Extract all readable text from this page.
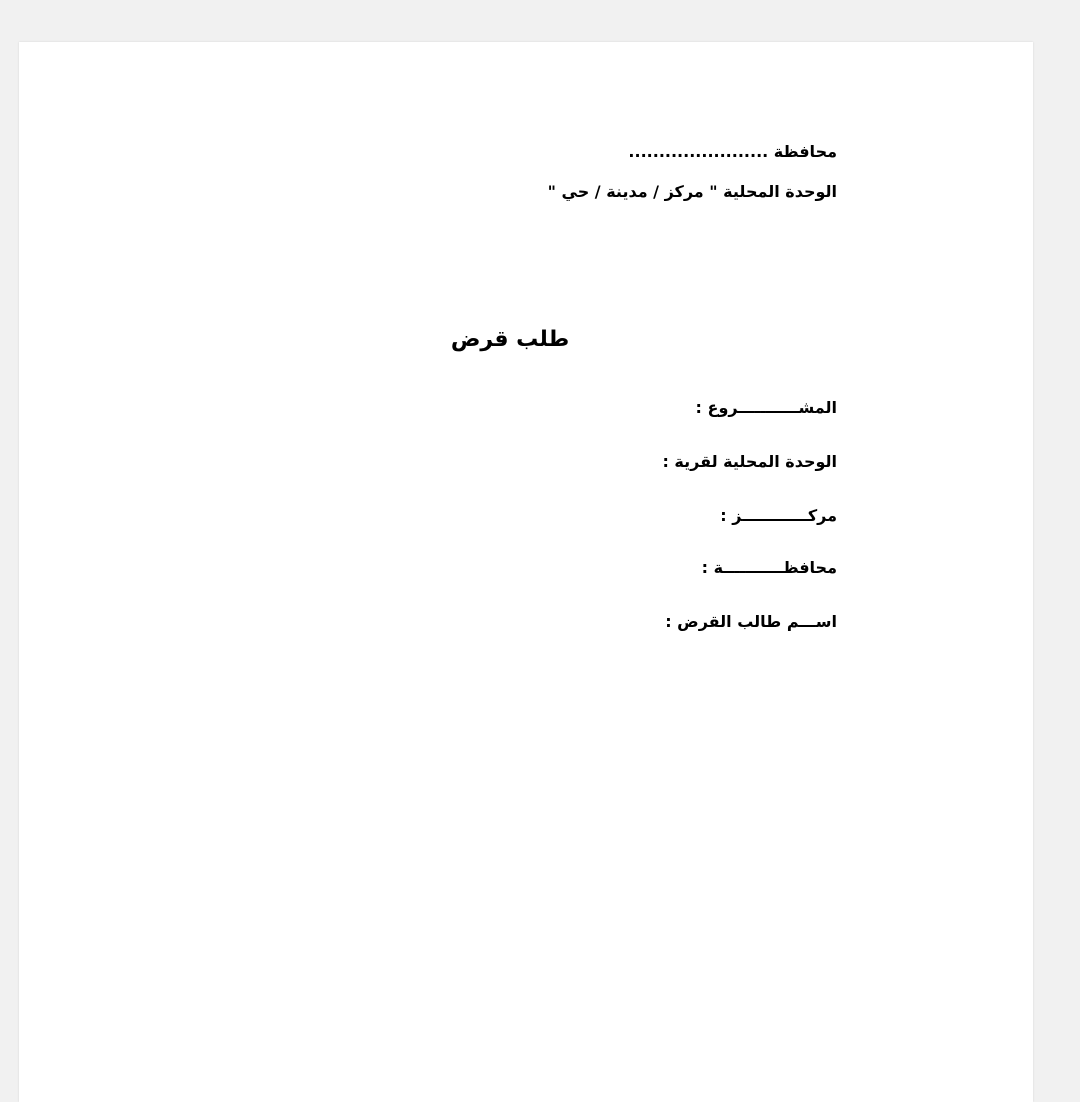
محافظة .......................
الوحدة المحلية " مركز / مدينة / حي "
طلب قرض
المشـــــــــــروع :
الوحدة المحلية لقرية :
مركــــــــــــز :
محافظـــــــــــة :
اســـم طالب القرض :
